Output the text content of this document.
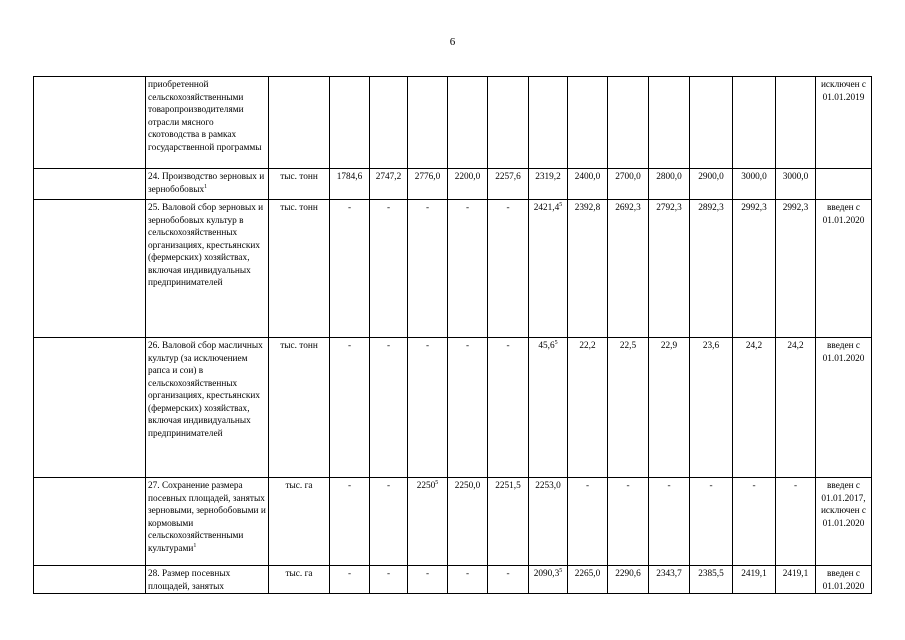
6
	приобретенной сельскохозяйственными товаропроизводителями отрасли мясного скотоводства в рамках государственной программы														исключен с 01.01.2019
	24. Производство зерновых и зернобобовых$^1$	тыс. тонн	1784,6	2747,2	2776,0	2200,0	2257,6	2319,2	2400,0	2700,0	2800,0	2900,0	3000,0	3000,0	
	25. Валовой сбор зерновых и зернобобовых культур в сельскохозяйственных организациях, крестьянских (фермерских) хозяйствах, включая индивидуальных предпринимателей	тыс. тонн	-	-	-	-	-	2421,4$^5$	2392,8	2692,3	2792,3	2892,3	2992,3	2992,3	введен с 01.01.2020
	26. Валовой сбор масличных культур (за исключением рапса и сои) в сельскохозяйственных организациях, крестьянских (фермерских) хозяйствах, включая индивидуальных предпринимателей	тыс. тонн	-	-	-	-	-	45,6$^5$	22,2	22,5	22,9	23,6	24,2	24,2	введен с 01.01.2020
	27. Сохранение размера посевных площадей, занятых зерновыми, зернобобовыми и кормовыми сельскохозяйственными культурами$^1$	тыс. га	-	-	2250$^5$	2250,0	2251,5	2253,0	-	-	-	-	-	-	введен с 01.01.2017, исключен с 01.01.2020
	28. Размер посевных площадей, занятых	тыс. га	-	-	-	-	-	2090,3$^5$	2265,0	2290,6	2343,7	2385,5	2419,1	2419,1	введен с 01.01.2020
